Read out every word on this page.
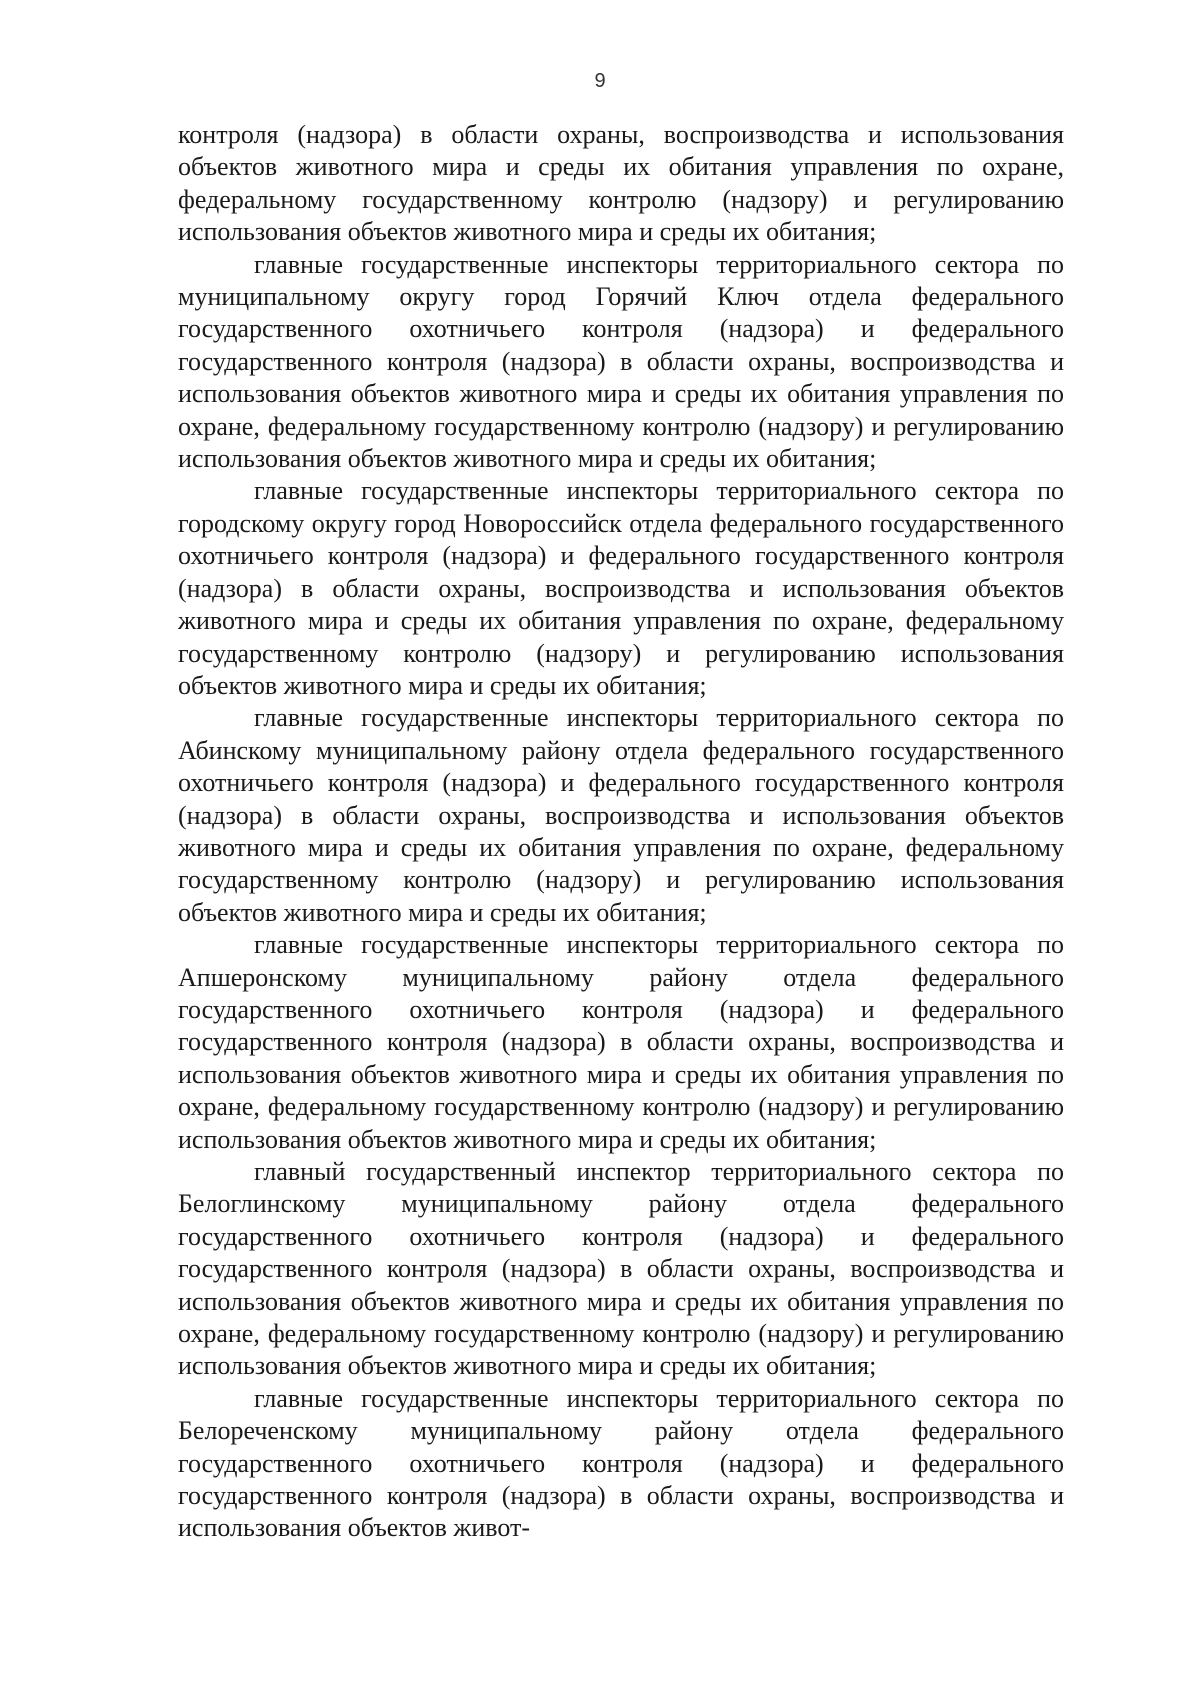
9

контроля (надзора) в области охраны, воспроизводства и использования объектов животного мира и среды их обитания управления по охране, федеральному государственному контролю (надзору) и регулированию использования объектов животного мира и среды их обитания;

главные государственные инспекторы территориального сектора по муниципальному округу город Горячий Ключ отдела федерального государственного охотничьего контроля (надзора) и федерального государственного контроля (надзора) в области охраны, воспроизводства и использования объектов животного мира и среды их обитания управления по охране, федеральному государственному контролю (надзору) и регулированию использования объектов животного мира и среды их обитания;

главные государственные инспекторы территориального сектора по городскому округу город Новороссийск отдела федерального государственного охотничьего контроля (надзора) и федерального государственного контроля (надзора) в области охраны, воспроизводства и использования объектов животного мира и среды их обитания управления по охране, федеральному государственному контролю (надзору) и регулированию использования объектов животного мира и среды их обитания;

главные государственные инспекторы территориального сектора по Абинскому муниципальному району отдела федерального государственного охотничьего контроля (надзора) и федерального государственного контроля (надзора) в области охраны, воспроизводства и использования объектов животного мира и среды их обитания управления по охране, федеральному государственному контролю (надзору) и регулированию использования объектов животного мира и среды их обитания;

главные государственные инспекторы территориального сектора по Апшеронскому муниципальному району отдела федерального государственного охотничьего контроля (надзора) и федерального государственного контроля (надзора) в области охраны, воспроизводства и использования объектов животного мира и среды их обитания управления по охране, федеральному государственному контролю (надзору) и регулированию использования объектов животного мира и среды их обитания;

главный государственный инспектор территориального сектора по Белоглинскому муниципальному району отдела федерального государственного охотничьего контроля (надзора) и федерального государственного контроля (надзора) в области охраны, воспроизводства и использования объектов животного мира и среды их обитания управления по охране, федеральному государственному контролю (надзору) и регулированию использования объектов животного мира и среды их обитания;

главные государственные инспекторы территориального сектора по Белореченскому муниципальному району отдела федерального государственного охотничьего контроля (надзора) и федерального государственного контроля (надзора) в области охраны, воспроизводства и использования объектов живот-
